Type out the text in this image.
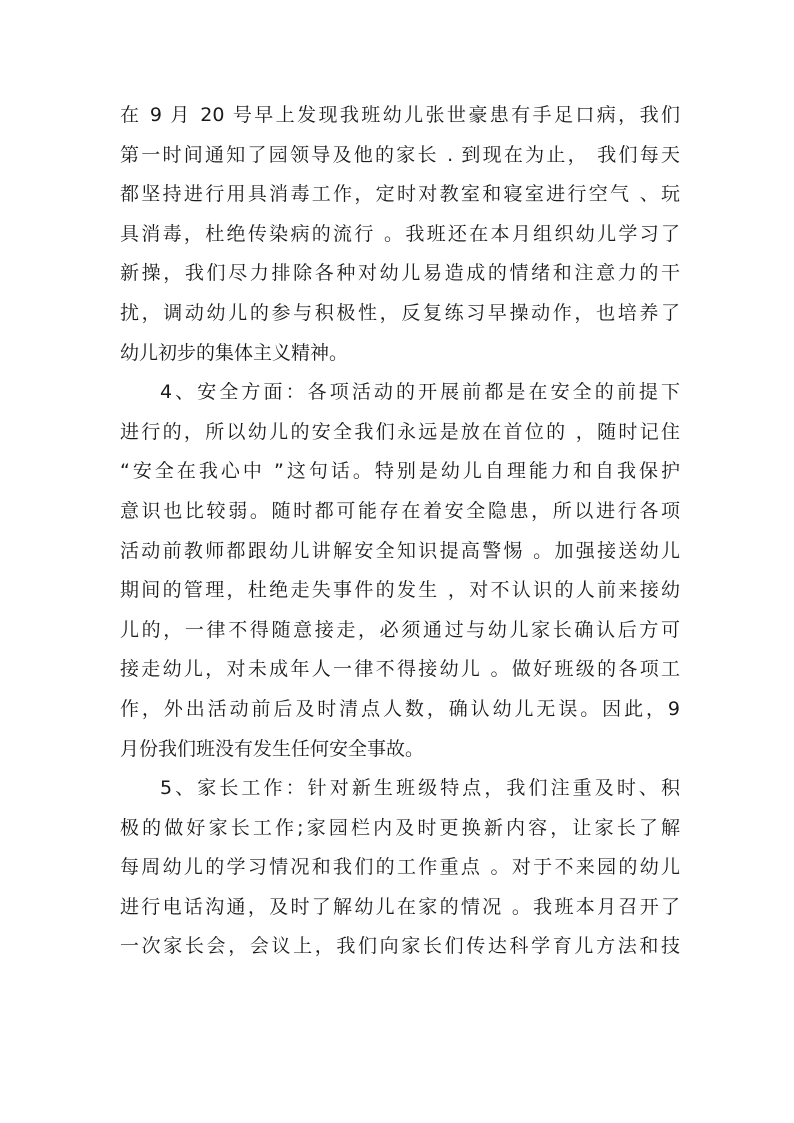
在 9 月 20 号早上发现我班幼儿张世豪患有手足口病，我们
第一时间通知了园领导及他的家长 . 到现在为止， 我们每天
都坚持进行用具消毒工作，定时对教室和寝室进行空气 、玩
具消毒，杜绝传染病的流行 。我班还在本月组织幼儿学习了
新操，我们尽力排除各种对幼儿易造成的情绪和注意力的干
扰，调动幼儿的参与积极性，反复练习早操动作，也培养了
幼儿初步的集体主义精神。
4、安全方面：各项活动的开展前都是在安全的前提下
进行的，所以幼儿的安全我们永远是放在首位的 ，随时记住
“安全在我心中 ”这句话。特别是幼儿自理能力和自我保护
意识也比较弱。随时都可能存在着安全隐患，所以进行各项
活动前教师都跟幼儿讲解安全知识提高警惕 。加强接送幼儿
期间的管理，杜绝走失事件的发生 ，对不认识的人前来接幼
儿的，一律不得随意接走，必须通过与幼儿家长确认后方可
接走幼儿，对未成年人一律不得接幼儿 。做好班级的各项工
作，外出活动前后及时清点人数，确认幼儿无误。因此，9
月份我们班没有发生任何安全事故。
5、家长工作：针对新生班级特点，我们注重及时、积
极的做好家长工作;家园栏内及时更换新内容，让家长了解
每周幼儿的学习情况和我们的工作重点 。对于不来园的幼儿
进行电话沟通，及时了解幼儿在家的情况 。我班本月召开了
一次家长会，会议上，我们向家长们传达科学育儿方法和技
